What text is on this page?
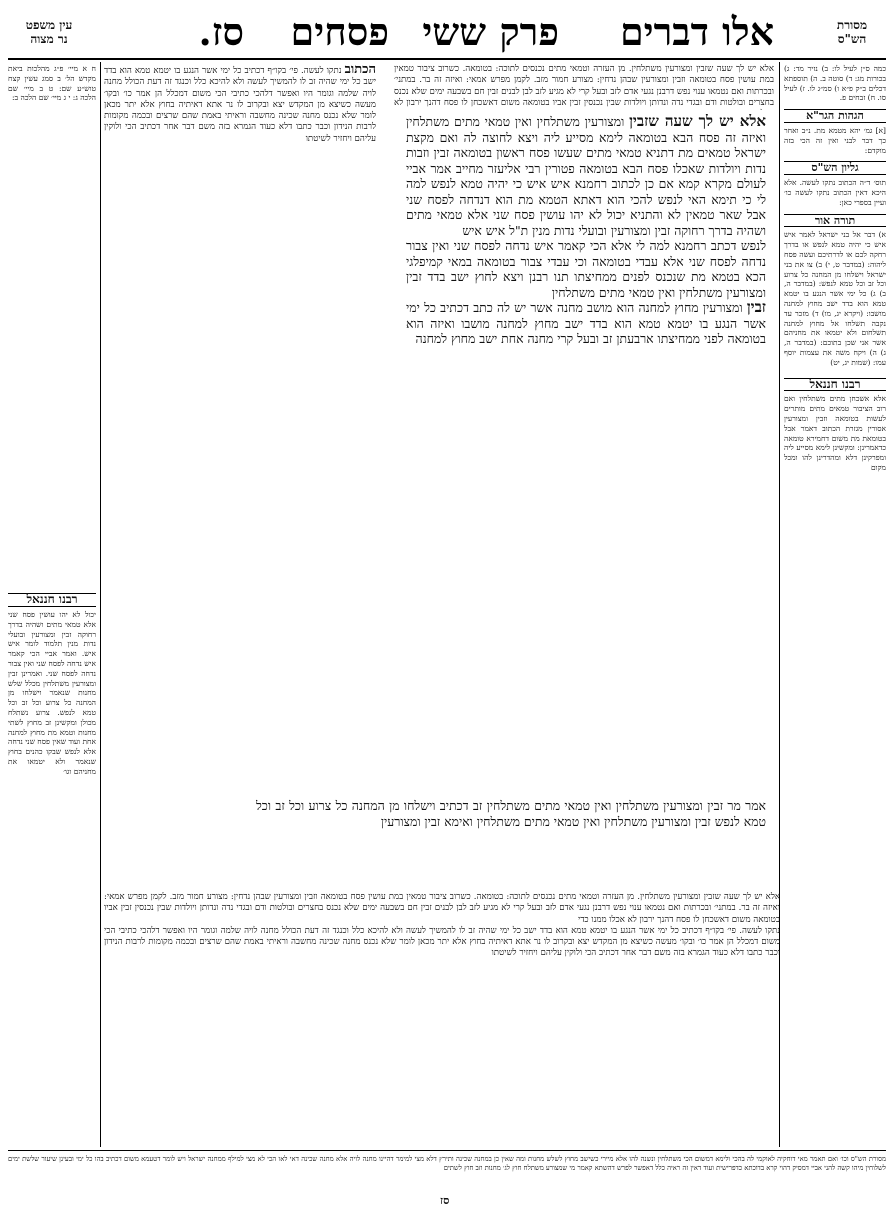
מסורת
הש"ס
אלו דברים
פרק ששי
פסחים
סז.
עין משפט
נר מצוה

כמה ס״ן לעיל לו: ב) נזיר מד: ג) בכורות מג: ד) סוטה ב. ה) תוספתא דכלים ב״ק פ״א ו) סמ״ג לו. ז) לעיל סו. ח) זבחים פ.

הגהות הגר"א

[א] גמ׳ יהא מטמא מת. נ״ב ואחר כך דבר לבני ואין זה הכי בזה מוקדם:

גליון הש"ס

תוס׳ ד״ה הכתוב נתקו לעשה. אלא היכא דאין הכתוב נתקו לעשה כו׳ ועיין בספרי כאן:

תורה אור

א) דבר אל בני ישראל לאמר איש איש כי יהיה טמא לנפש או בדרך רחקה לכם או לדרתיכם ועשה פסח ליהוה: (במדבר ט, י) ב) צו את בני ישראל וישלחו מן המחנה כל צרוע וכל זב וכל טמא לנפש: (במדבר ה, ב) ג) כל ימי אשר הנגע בו יטמא טמא הוא בדד ישב מחוץ למחנה מושבו: (ויקרא יג, מו) ד) מזכר עד נקבה תשלחו אל מחוץ למחנה תשלחום ולא יטמאו את מחניהם אשר אני שכן בתוכם: (במדבר ה, ג) ה) ויקח משה את עצמות יוסף עמו: (שמות יג, יט)

רבנו חננאל

אלא אשכחן מתים משתלחין ואם רוב הציבור טמאים מתים מותרים לעשות בטומאה וזבין ומצורעין אסורין מגזרת הכתוב דאמר אבל בטומאת מת משום דחמירא טומאה כדאמרינן: ומקשינן לימא מסייע ליה ומפרקינן דלא ומהדרינן להו ומכל מקום

אלא יש לך שעה שזבין ומצורעין משתלחין. מן העזרה וטמאי מתים נכנסים לתוכה: בטומאה. כשרוב ציבור טמאין במת עושין פסח בטומאה וזבין ומצורעין שבהן נדחין: מצורע חמור מזב. לקמן מפרש אמאי: ואיזה זה בר. במתני׳ ובכרתות ואם נטמאו ענוי נפש דרבנן נגעי אדם לזב ובעל קרי לא מגיע לזב לבן לבנים זבין חם בשבעה ימים שלא נכנס בחצרים ובולטות ודם ובגדי נדה ונדותן ויולדות שבין נכנסין זבין אביו בטומאה משום דאשכחן לו פסח דהנך ירבון לא

אלא יש לך שעה שזבין ומצורעין משתלחין ואין טמאי מתים משתלחין ואיזה זה פסח הבא בטומאה לימא מסייע ליה ויצא לחוצה לה ואם מקצת ישראל טמאים מת דתניא טמאי מתים שעשו פסח ראשון בטומאה זבין וזבות נדות ויולדות שאכלו פסח הבא בטומאה פטורין רבי אליעזר מחייב אמר אביי לעולם מקרא קמא אם כן לכתוב רחמנא איש איש כי יהיה טמא לנפש למה לי כי תימא האי לנפש להכי הוא דאתא הטמא מת הוא דנדחה לפסח שני אבל שאר טמאין לא והתניא יכול לא יהו עושין פסח שני אלא טמאי מתים ושהיה בדרך רחוקה זבין ומצורעין ובועלי נדות מנין ת"ל איש איש

לנפש דכתב רחמנא למה לי אלא הכי קאמר איש נדחה לפסח שני ואין צבור נדחה לפסח שני אלא עבדי בטומאה וכי עבדי צבור בטומאה במאי קמיפלגי הכא בטמא מת שנכנס לפנים ממחיצתו תנו רבנן ויצא לחוץ ישב בדד זבין ומצורעין משתלחין ואין טמאי מתים משתלחין

זבין ומצורעין מחוץ למחנה הוא מושב מחנה אשר יש לה כתב דכתיב כל ימי אשר הנגע בו יטמא טמא הוא בדד ישב מחוץ למחנה מושבו ואיזה הוא בטומאה לפני ממחיצתו ארבעתן זב ובעל קרי מחנה אחת ישב מחוץ למחנה

אמר מר זבין ומצורעין משתלחין ואין טמאי מתים משתלחין זב דכתיב וישלחו מן המחנה כל צרוע וכל זב וכל טמא לנפש זבין ומצורעין משתלחין ואין טמאי מתים משתלחין ואימא זבין ומצורעין

הכתוב נתקו לעשה. פי׳ בקו״ף דכתיב כל ימי אשר הנגע בו יטמא טמא הוא בדד ישב כל ימי שהיה זב לו להמשיך לעשה ולא להיכא כלל וכנגד זה דעת הכולל מחנה לויה שלמה וגומר היו ואפשר דלהכי כתיבי הכי משום דמכלל הן אמר כו׳ ובקו׳ מעשה כשיצא מן המקדש יצא ובקרוב לו נר אתא דאיתיה בחוץ אלא יתר מכאן לומר שלא נכנס מחנה שכינה מחשבה וראיתי באמת שהם שרצים ובכמה מקומות לרבות הנידון וכבר כתבו דלא כעוד הגמרא בזה משם דבר אחר דכתיב הכי ולוקין עליהם ויחזיר לשיטתו

ח א מיי׳ פ״ג מהלכות ביאת מקדש הל׳ ב סמג עשין קצח טוש״ע שם: ט ב מיי׳ שם הלכה ג: י ג מיי׳ שם הלכה ב:

רבנו חננאל

יכול לא יהו עושין פסח שני אלא טמאי מתים ושהיה בדרך רחוקה זבין ומצורעין ובועלי נדות מנין תלמוד לומר איש איש. ואמר אביי הכי קאמר איש נדחה לפסח שני ואין צבור נדחה לפסח שני. ואמרינן זבין ומצורעין משתלחין מכלל שלש מחנות שנאמר וישלחו מן המחנה כל צרוע וכל זב וכל טמא לנפש. צרוע נשתלח מכולן ומקשינן זב מחוץ לשתי מחנות וטמא מת מחוץ למחנה אחת ועוד שאין פסח שני נדחה אלא לנפש שבקו כהנים בחוץ שנאמר ולא יטמאו את מחניהם וגו׳

אלא יש לך שעה שזבין ומצורעין משתלחין. מן העזרה וטמאי מתים נכנסים לתוכה: בטומאה. כשרוב ציבור טמאין במת עושין פסח בטומאה וזבין ומצורעין שבהן נדחין: מצורע חמור מזב. לקמן מפרש אמאי: ואיזה זה בר. במתני׳ ובכרתות ואם נטמאו ענוי נפש דרבנן נגעי אדם לזב ובעל קרי לא מגיע לזב לבן לבנים זבין חם בשבעה ימים שלא נכנס בחצרים ובולטות ודם ובגדי נדה ונדותן ויולדות שבין נכנסין זבין אביו בטומאה משום דאשכחן לו פסח דהנך ירבון לא אכלו ממנו כדי

נתקו לעשה. פי׳ בקו״ף דכתיב כל ימי אשר הנגע בו יטמא טמא הוא בדד ישב כל ימי שהיה זב לו להמשיך לעשה ולא להיכא כלל וכנגד זה דעת הכולל מחנה לויה שלמה וגומר היו ואפשר דלהכי כתיבי הכי משום דמכלל הן אמר כו׳ ובקו׳ מעשה כשיצא מן המקדש יצא ובקרוב לו נר אתא דאיתיה בחוץ אלא יתר מכאן לומר שלא נכנס מחנה שכינה מחשבה וראיתי באמת שהם שרצים ובכמה מקומות לרבות הנידון וכבר כתבו דלא כעוד הגמרא בזה משם דבר אחר דכתיב הכי ולוקין עליהם ויחזיר לשיטתו

מסורת הש"ס וכו׳ ואם תאמר מאי דוחקיה לאוקמי לה בהכי ולימא דמשום הכי משתלחין ונשנה להו אלא מיירי כשישב מחוץ לשלש מחנות ומה שאין כן במחנה שכינה ותירץ דלא מצי למימר דהיינו מחנה לויה אלא מחנה שכינה דאי לאו הכי לא מצי למילף ממחנה ישראל ויש לומר דטעמא משום דכתיב בהו כל ימי ובעינן שיעור שלשת ימים לשלוחין מיהו קשה להני אביי דמסיק דהוי קרא בדוכתא כדפרישית ועוד דאין זה ראיה כלל דאפשר לפרש דהשתא קאמר מי שמצורע משתלח חוץ לג׳ מחנות וזב חוץ לשתים
סז
